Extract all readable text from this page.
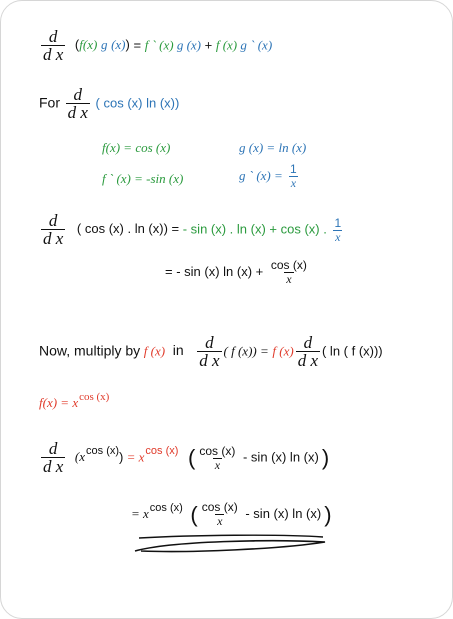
$\frac{d}{\text{d x}} (f(x)$ g (x)) = f ` (x) g (x) + f (x) g ` (x)
For $\frac{d}{\text{d x}}$ ( cos (x) ln (x))
f(x) = cos (x)	g (x) = ln (x)
f ` (x) = -sin (x)	g ` $(x) = \frac{1}{x}$
$\frac{d}{\text{d x}}$ ( cos (x) . ln (x)) = - sin (x) . ln (x) + cos (x) . $\frac{1}{x}$
= - sin (x) $\ln (x) + \frac{\cos (x)}{x}$
Now, multiply by f (x) in $\frac{d}{\text{d x}}$ ( f (x)) = f $(x) \frac{d}{\text{d x}}$ ( ln ( f (x)))
$f(x) = x^{cos (x)}$
$\frac{d}{\text{d x}} (x^{cos (x)}) = x^{cos (x)}$ ( $\frac{\cos (x)}{x}$ - sin (x) ln (x) )
= $x^{cos (x)}$ ( $\frac{\cos (x)}{x}$ - sin (x) ln (x) )
